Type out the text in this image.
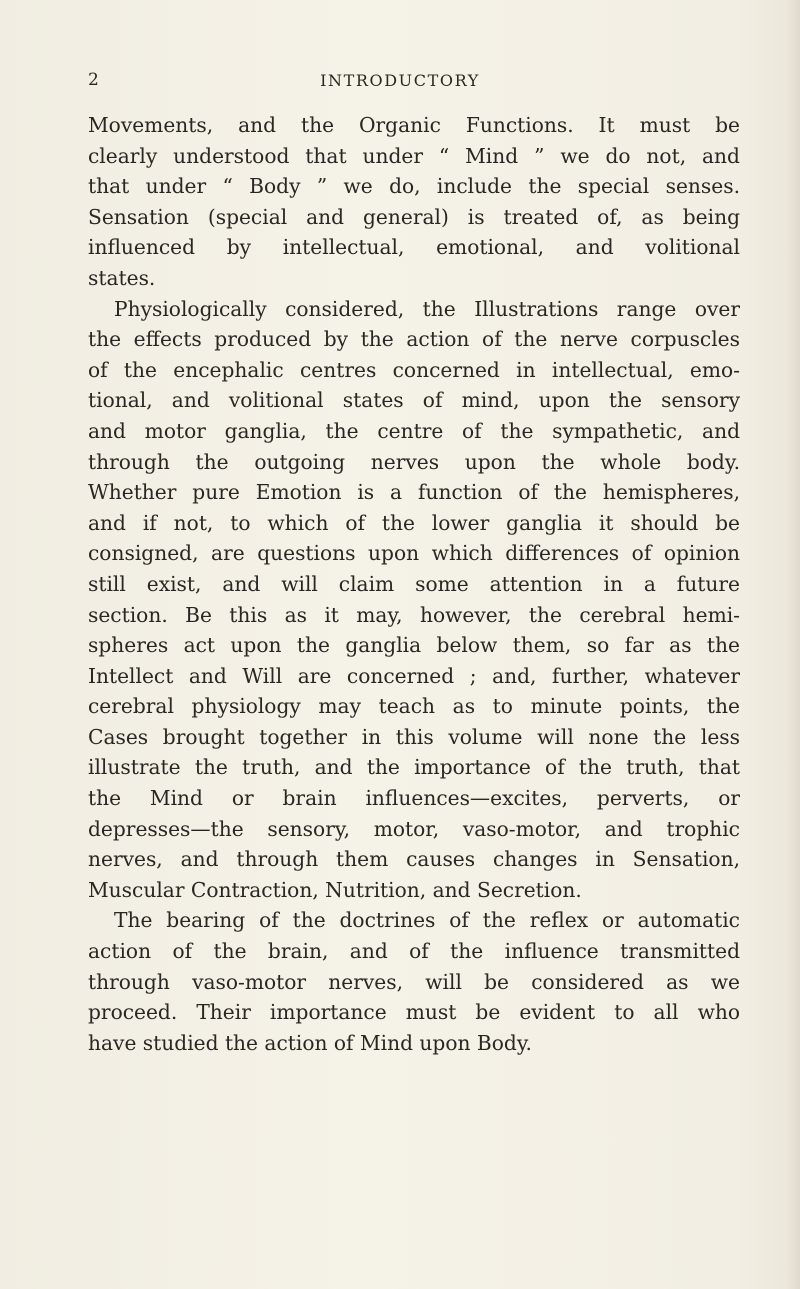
2	INTRODUCTORY
Movements, and the Organic Functions. It must be
clearly understood that under “ Mind ” we do not, and
that under “ Body ” we do, include the special senses.
Sensation (special and general) is treated of, as being
influenced by intellectual, emotional, and volitional
states.
Physiologically considered, the Illustrations range over
the effects produced by the action of the nerve corpuscles
of the encephalic centres concerned in intellectual, emo-
tional, and volitional states of mind, upon the sensory
and motor ganglia, the centre of the sympathetic, and
through the outgoing nerves upon the whole body.
Whether pure Emotion is a function of the hemispheres,
and if not, to which of the lower ganglia it should be
consigned, are questions upon which differences of opinion
still exist, and will claim some attention in a future
section. Be this as it may, however, the cerebral hemi-
spheres act upon the ganglia below them, so far as the
Intellect and Will are concerned ; and, further, whatever
cerebral physiology may teach as to minute points, the
Cases brought together in this volume will none the less
illustrate the truth, and the importance of the truth, that
the Mind or brain influences—excites, perverts, or
depresses—the sensory, motor, vaso-motor, and trophic
nerves, and through them causes changes in Sensation,
Muscular Contraction, Nutrition, and Secretion.
The bearing of the doctrines of the reflex or automatic
action of the brain, and of the influence transmitted
through vaso-motor nerves, will be considered as we
proceed. Their importance must be evident to all who
have studied the action of Mind upon Body.
